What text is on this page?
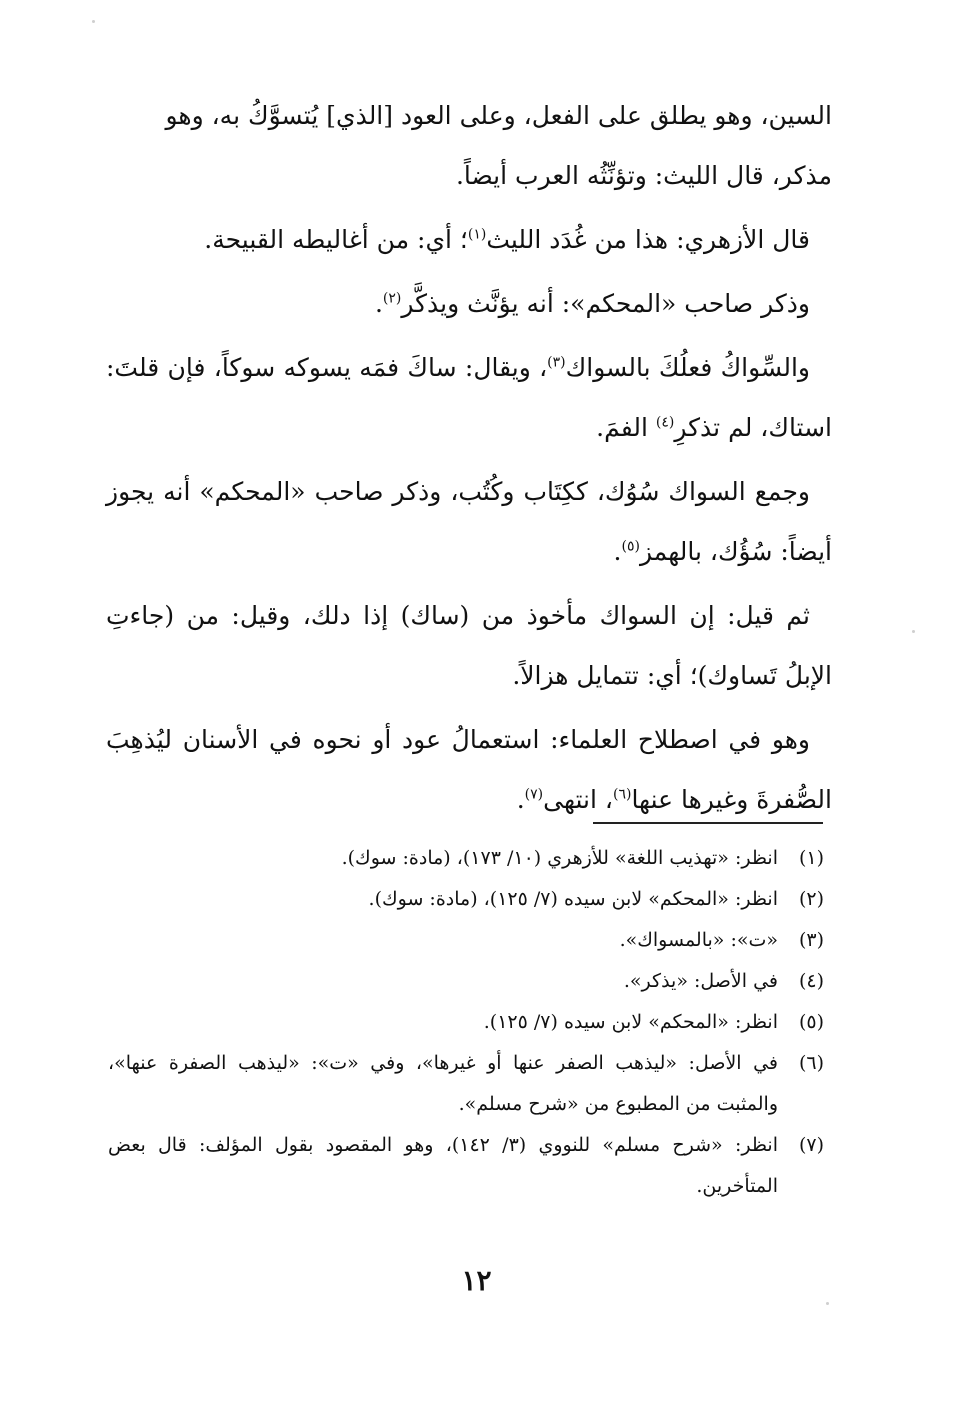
السين، وهو يطلق على الفعل، وعلى العود [الذي] يُتسوَّكُ به، وهو
مذكر، قال الليث: وتؤنِّثُه العرب أيضاً.

قال الأزهري: هذا من غُدَد الليث$^{(١)}$؛ أي: من أغاليطه القبيحة.

وذكر صاحب «المحكم»: أنه يؤنَّث ويذكَّر$^{(٢)}$.

والسِّواكُ فعلُكَ بالسواك$^{(٣)}$، ويقال: ساكَ فمَه يسوكه سوكاً، فإن قلتَ: استاك، لم تذكرِ$^{(٤)}$ الفمَ.

وجمع السواك سُوُك، ككِتَاب وكُتُب، وذكر صاحب «المحكم» أنه يجوز أيضاً: سُؤُك، بالهمز$^{(٥)}$.

ثم قيل: إن السواك مأخوذ من (ساك) إذا دلك، وقيل: من (جاءتِ الإبلُ تَساوك)؛ أي: تتمايل هزالاً.

وهو في اصطلاح العلماء: استعمالُ عود أو نحوه في الأسنان ليُذهِبَ الصُّفرةَ وغيرها عنها$^{(٦)}$، انتهى$^{(٧)}$.

(١)
انظر: «تهذيب اللغة» للأزهري (١٠/ ١٧٣)، (مادة: سوك).
(٢)
انظر: «المحكم» لابن سيده (٧/ ١٢٥)، (مادة: سوك).
(٣)
«ت»: «بالمسواك».
(٤)
في الأصل: «يذكر».
(٥)
انظر: «المحكم» لابن سيده (٧/ ١٢٥).
(٦)
في الأصل: «ليذهب الصفر عنها أو غيرها»، وفي «ت»: «ليذهب الصفرة عنها»، والمثبت من المطبوع من «شرح مسلم».
(٧)
انظر: «شرح مسلم» للنووي (٣/ ١٤٢)، وهو المقصود بقول المؤلف: قال بعض المتأخرين.
١٢
